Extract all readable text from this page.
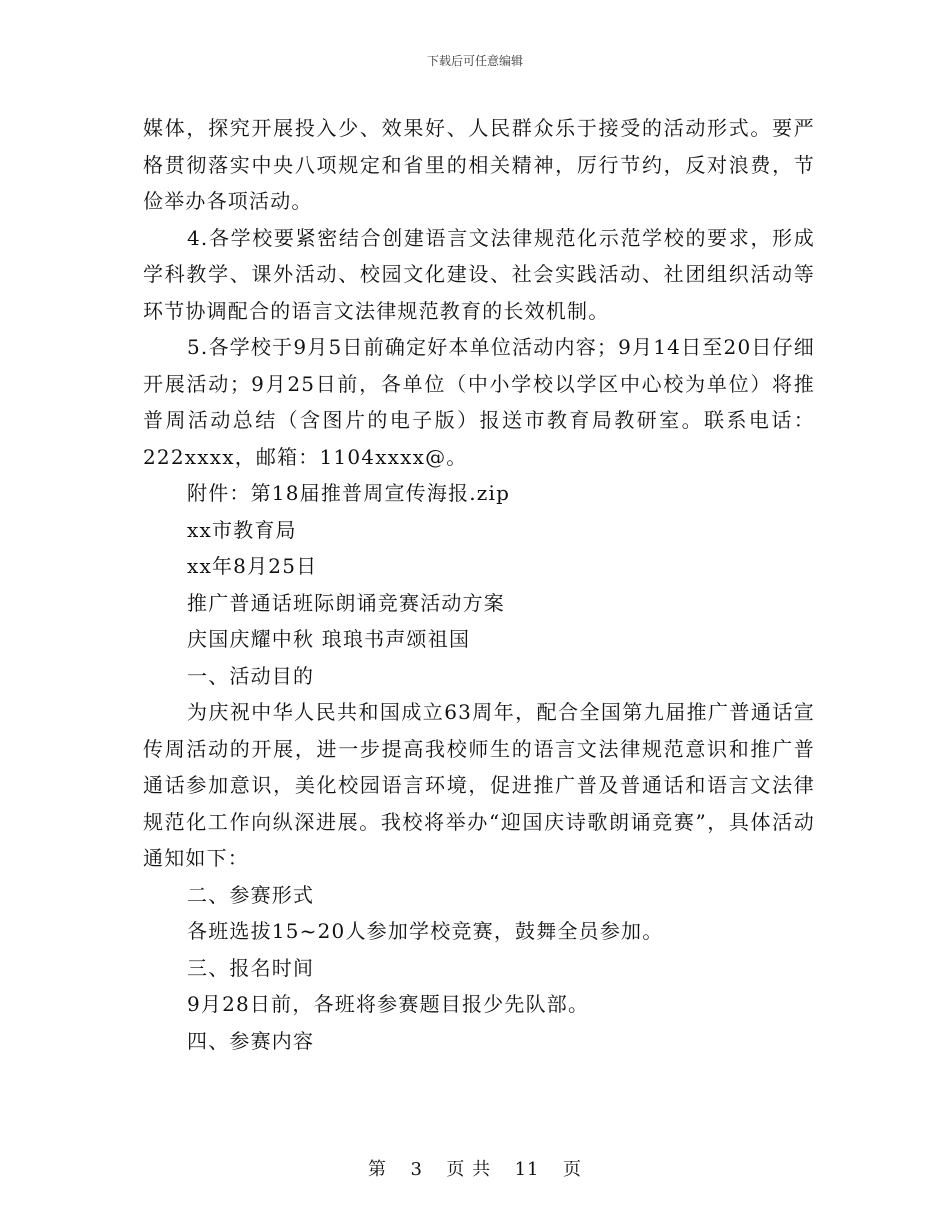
下载后可任意编辑

媒体，探究开展投入少、效果好、人民群众乐于接受的活动形式。要严格贯彻落实中央八项规定和省里的相关精神，厉行节约，反对浪费，节俭举办各项活动。

4.各学校要紧密结合创建语言文法律规范化示范学校的要求，形成学科教学、课外活动、校园文化建设、社会实践活动、社团组织活动等环节协调配合的语言文法律规范教育的长效机制。

5.各学校于9月5日前确定好本单位活动内容；9月14日至20日仔细开展活动；9月25日前，各单位（中小学校以学区中心校为单位）将推普周活动总结（含图片的电子版）报送市教育局教研室。联系电话：222xxxx，邮箱：1104xxxx@。

附件：第18届推普周宣传海报.zip

xx市教育局

xx年8月25日

推广普通话班际朗诵竞赛活动方案

庆国庆耀中秋 琅琅书声颂祖国

一、活动目的

为庆祝中华人民共和国成立63周年，配合全国第九届推广普通话宣传周活动的开展，进一步提高我校师生的语言文法律规范意识和推广普通话参加意识，美化校园语言环境，促进推广普及普通话和语言文法律规范化工作向纵深进展。我校将举办“迎国庆诗歌朗诵竞赛”，具体活动通知如下：

二、参赛形式

各班选拔15~20人参加学校竞赛，鼓舞全员参加。

三、报名时间

9月28日前，各班将参赛题目报少先队部。

四、参赛内容

第 3 页 共 11 页
